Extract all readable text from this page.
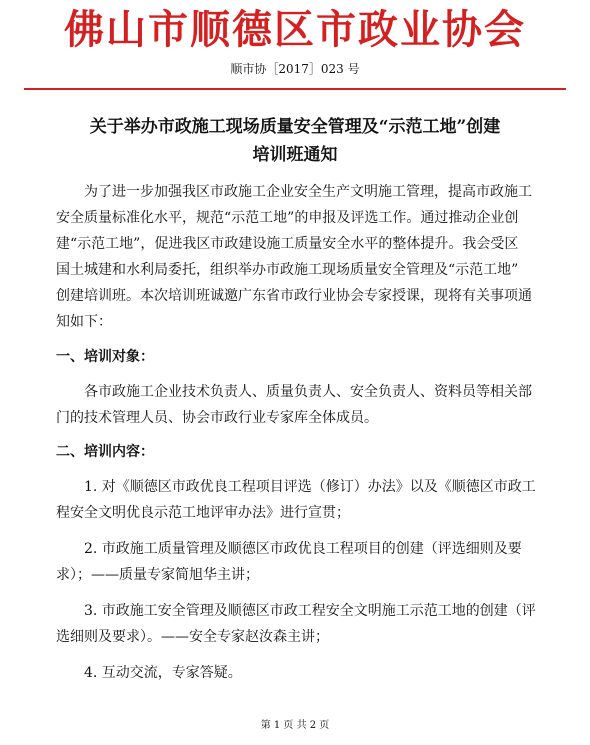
佛山市顺德区市政业协会
顺市协［2017］023 号
关于举办市政施工现场质量安全管理及“示范工地”创建
培训班通知

为了进一步加强我区市政施工企业安全生产文明施工管理，提高市政施工

安全质量标准化水平，规范“示范工地”的申报及评选工作。通过推动企业创

建“示范工地”，促进我区市政建设施工质量安全水平的整体提升。我会受区

国土城建和水利局委托，组织举办市政施工现场质量安全管理及“示范工地”

创建培训班。本次培训班诚邀广东省市政行业协会专家授课，现将有关事项通

知如下：

一、培训对象：

各市政施工企业技术负责人、质量负责人、安全负责人、资料员等相关部

门的技术管理人员、协会市政行业专家库全体成员。

二、培训内容：

1. 对《顺德区市政优良工程项目评选（修订）办法》以及《顺德区市政工

程安全文明优良示范工地评审办法》进行宣贯；

2. 市政施工质量管理及顺德区市政优良工程项目的创建（评选细则及要

求）；——质量专家简旭华主讲；

3. 市政施工安全管理及顺德区市政工程安全文明施工示范工地的创建（评

选细则及要求）。——安全专家赵汝森主讲；

4. 互动交流，专家答疑。

第 1 页 共 2 页
